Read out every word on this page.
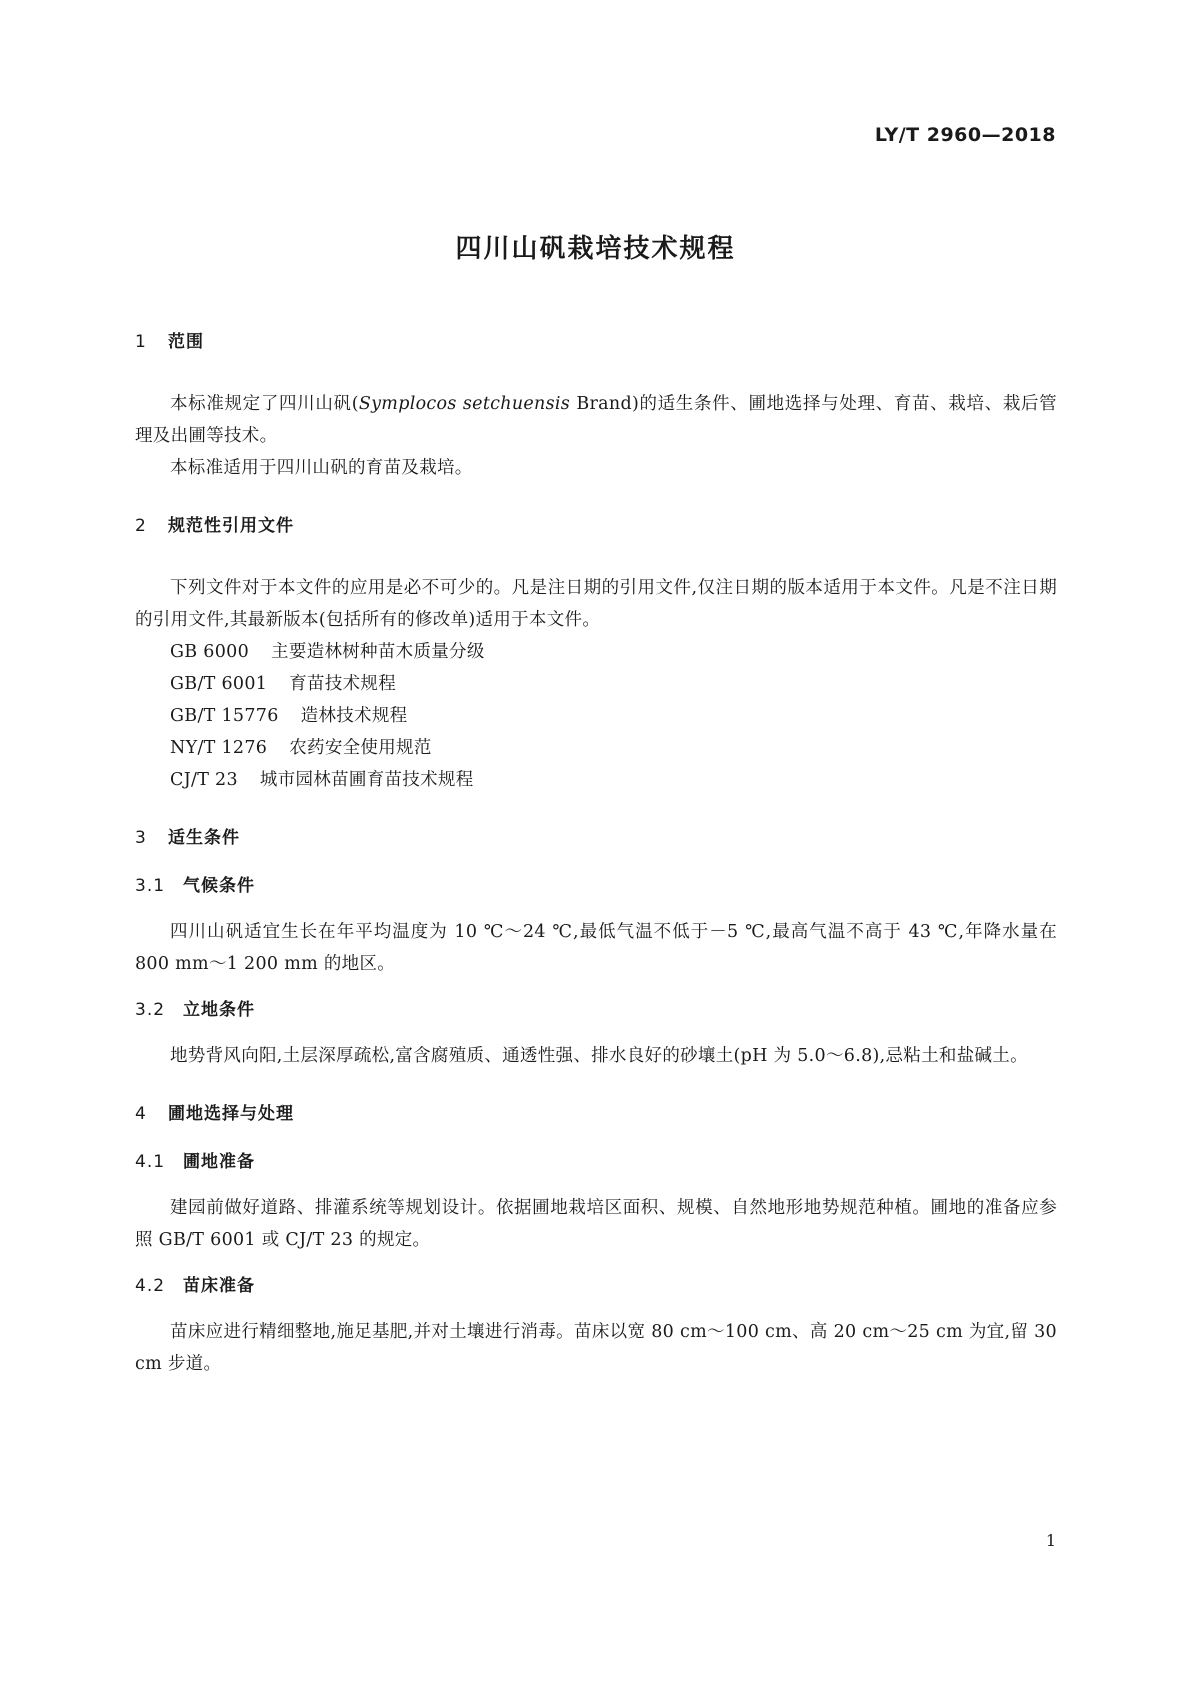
LY/T 2960—2018
四川山矾栽培技术规程
1 范围

本标准规定了四川山矾(Symplocos setchuensis Brand)的适生条件、圃地选择与处理、育苗、栽培、栽后管理及出圃等技术。

本标准适用于四川山矾的育苗及栽培。

2 规范性引用文件

下列文件对于本文件的应用是必不可少的。凡是注日期的引用文件,仅注日期的版本适用于本文件。凡是不注日期的引用文件,其最新版本(包括所有的修改单)适用于本文件。

GB 6000 主要造林树种苗木质量分级

GB/T 6001 育苗技术规程

GB/T 15776 造林技术规程

NY/T 1276 农药安全使用规范

CJ/T 23 城市园林苗圃育苗技术规程

3 适生条件
3.1 气候条件

四川山矾适宜生长在年平均温度为 10 ℃～24 ℃,最低气温不低于－5 ℃,最高气温不高于 43 ℃,年降水量在 800 mm～1 200 mm 的地区。

3.2 立地条件

地势背风向阳,土层深厚疏松,富含腐殖质、通透性强、排水良好的砂壤土(pH 为 5.0～6.8),忌粘土和盐碱土。

4 圃地选择与处理
4.1 圃地准备

建园前做好道路、排灌系统等规划设计。依据圃地栽培区面积、规模、自然地形地势规范种植。圃地的准备应参照 GB/T 6001 或 CJ/T 23 的规定。

4.2 苗床准备

苗床应进行精细整地,施足基肥,并对土壤进行消毒。苗床以宽 80 cm～100 cm、高 20 cm～25 cm 为宜,留 30 cm 步道。

1
